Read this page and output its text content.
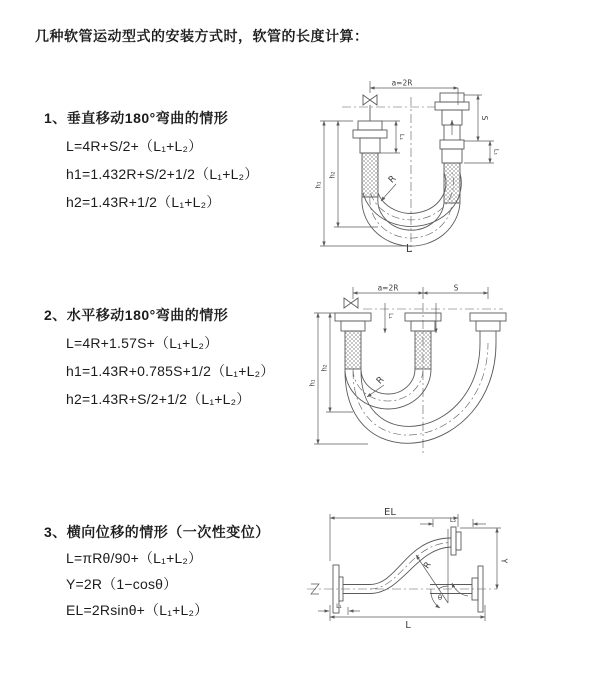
几种软管运动型式的安装方式时，软管的长度计算：
1、垂直移动180°弯曲的情形
L=4R+S/2+（L₁+L₂）
h1=1.432R+S/2+1/2（L₁+L₂）
h2=1.43R+1/2（L₁+L₂）
a=2R
S
L₁
L₁
h₂
h₁	R
L
2、水平移动180°弯曲的情形
L=4R+1.57S+（L₁+L₂）
h1=1.43R+0.785S+1/2（L₁+L₂）
h2=1.43R+S/2+1/2（L₁+L₂）
a=2R	S
L₁
h₂
h₁	R
3、横向位移的情形（一次性变位）
L=πRθ/90+（L₁+L₂）
Y=2R（1−cosθ）
EL=2Rsinθ+（L₁+L₂）
EL
L₂
Y
R
θ
L
L₁
